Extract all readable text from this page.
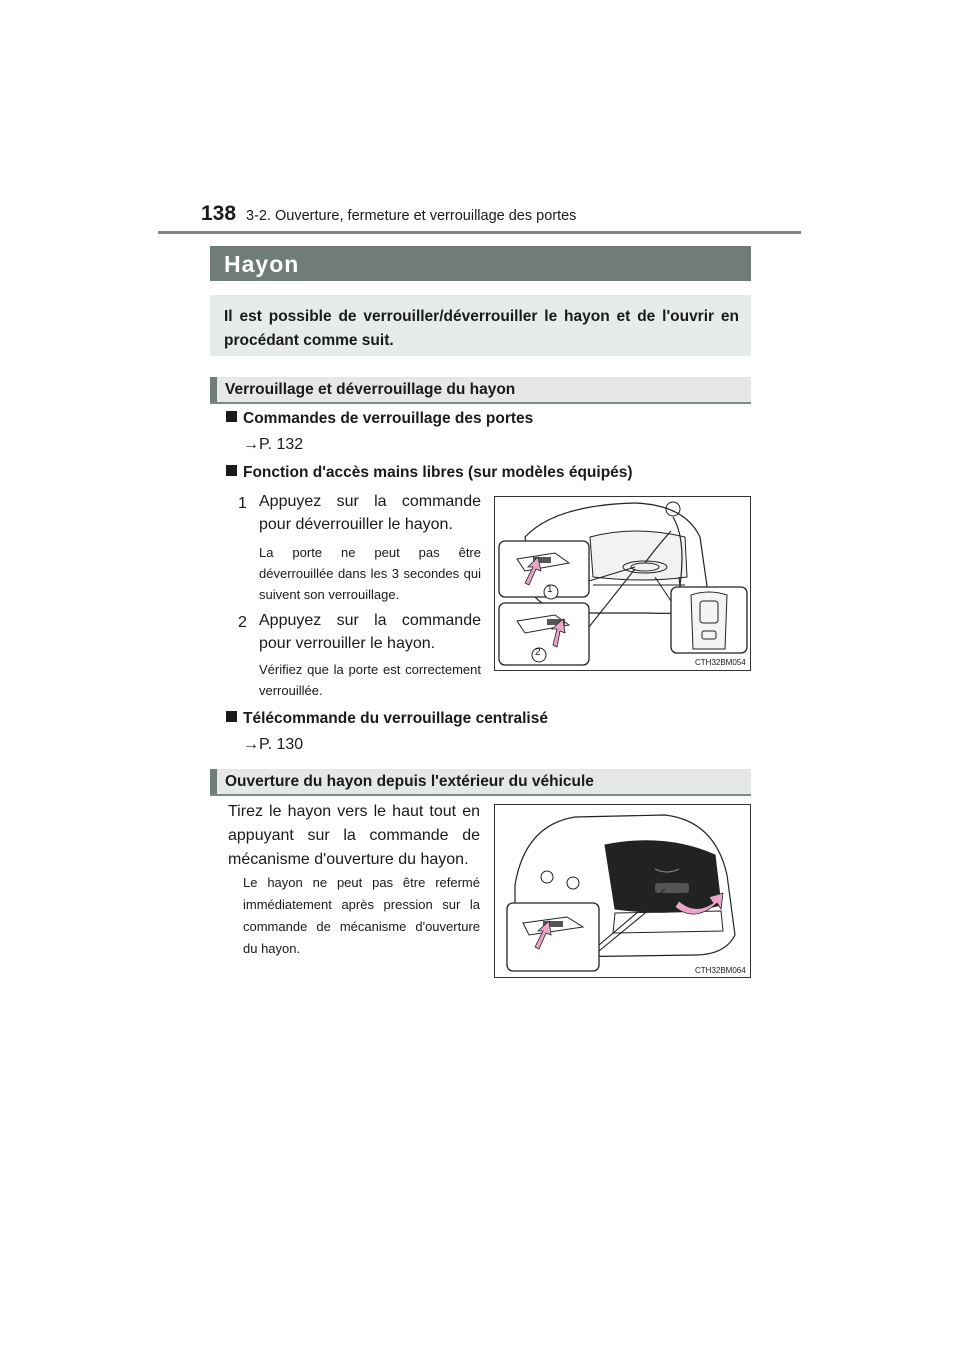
138 3-2. Ouverture, fermeture et verrouillage des portes
Hayon

Il est possible de verrouiller/déverrouiller le hayon et de l'ouvrir en procédant comme suit.

Verrouillage et déverrouillage du hayon
Commandes de verrouillage des portes
→P. 132
Fonction d'accès mains libres (sur modèles équipés)
1 Appuyez sur la commande pour déverrouiller le hayon.
La porte ne peut pas être déverrouillée dans les 3 secondes qui suivent son verrouillage.
2 Appuyez sur la commande pour verrouiller le hayon.
Vérifiez que la porte est correctement verrouillée.
1
2
CTH32BM054
Télécommande du verrouillage centralisé
→P. 130
Ouverture du hayon depuis l'extérieur du véhicule
Tirez le hayon vers le haut tout en appuyant sur la commande de mécanisme d'ouverture du hayon.
Le hayon ne peut pas être refermé immédiatement après pression sur la commande de mécanisme d'ouverture du hayon.
CTH32BM064
